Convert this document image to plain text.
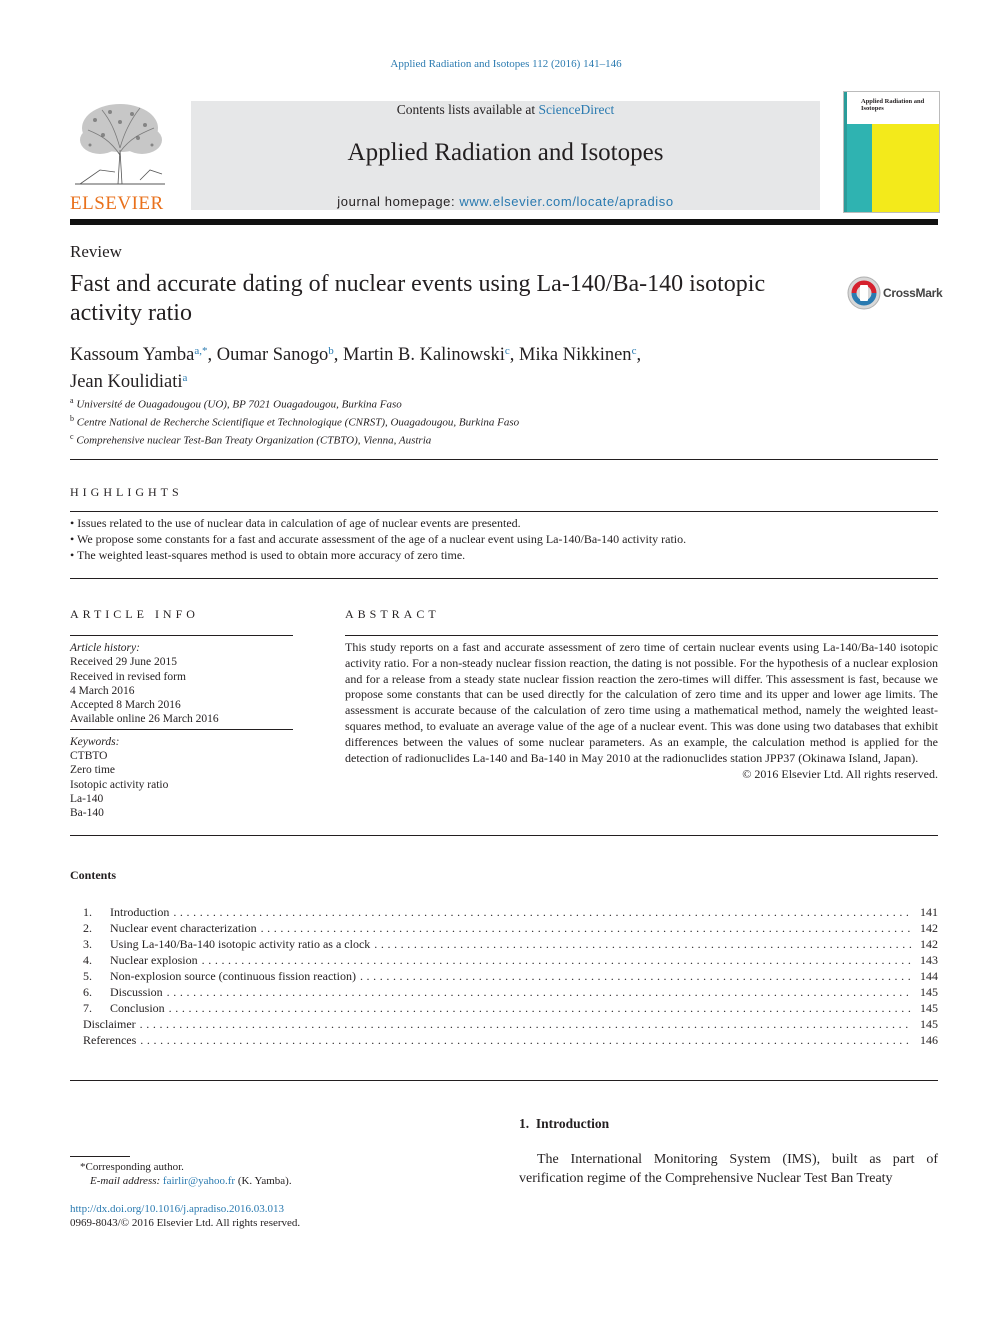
Applied Radiation and Isotopes 112 (2016) 141–146
ELSEVIER
Contents lists available at ScienceDirect
Applied Radiation and Isotopes
journal homepage: www.elsevier.com/locate/apradiso
Applied Radiation and
Isotopes
Review
Fast and accurate dating of nuclear events using La-140/Ba-140 isotopic activity ratio
CrossMark
Kassoum Yamba$^{a,*}$, Oumar Sanogo$^b$, Martin B. Kalinowski$^c$, Mika Nikkinen$^c$,
Jean Koulidiati$^a$
$^a$ Université de Ouagadougou (UO), BP 7021 Ouagadougou, Burkina Faso
$^b$ Centre National de Recherche Scientifique et Technologique (CNRST), Ouagadougou, Burkina Faso
$^c$ Comprehensive nuclear Test-Ban Treaty Organization (CTBTO), Vienna, Austria
HIGHLIGHTS
• Issues related to the use of nuclear data in calculation of age of nuclear events are presented.
• We propose some constants for a fast and accurate assessment of the age of a nuclear event using La-140/Ba-140 activity ratio.
• The weighted least-squares method is used to obtain more accuracy of zero time.
ARTICLE INFO
Article history:
Received 29 June 2015
Received in revised form
4 March 2016
Accepted 8 March 2016
Available online 26 March 2016
Keywords:
CTBTO
Zero time
Isotopic activity ratio
La-140
Ba-140
ABSTRACT
This study reports on a fast and accurate assessment of zero time of certain nuclear events using La-140/Ba-140 isotopic activity ratio. For a non-steady nuclear fission reaction, the dating is not possible. For the hypothesis of a nuclear explosion and for a release from a steady state nuclear fission reaction the zero-times will differ. This assessment is fast, because we propose some constants that can be used directly for the calculation of zero time and its upper and lower age limits. The assessment is accurate because of the calculation of zero time using a mathematical method, namely the weighted least-squares method, to evaluate an average value of the age of a nuclear event. This was done using two databases that exhibit differences between the values of some nuclear parameters. As an example, the calculation method is applied for the detection of radionuclides La-140 and Ba-140 in May 2010 at the radionuclides station JPP37 (Okinawa Island, Japan).
© 2016 Elsevier Ltd. All rights reserved.
Contents
1.	Introduction . . .	141
2.	Nuclear event characterization . . .	142
3.	Using La-140/Ba-140 isotopic activity ratio as a clock . . .	142
4.	Nuclear explosion . . .	143
5.	Non-explosion source (continuous fission reaction) . . .	144
6.	Discussion . . .	145
7.	Conclusion . . .	145
Disclaimer . . .	145
References . . .	146
*Corresponding author.
E-mail address: fairlir@yahoo.fr (K. Yamba).
http://dx.doi.org/10.1016/j.apradiso.2016.03.013
0969-8043/© 2016 Elsevier Ltd. All rights reserved.
1. Introduction
The International Monitoring System (IMS), built as part of verification regime of the Comprehensive Nuclear Test Ban Treaty
